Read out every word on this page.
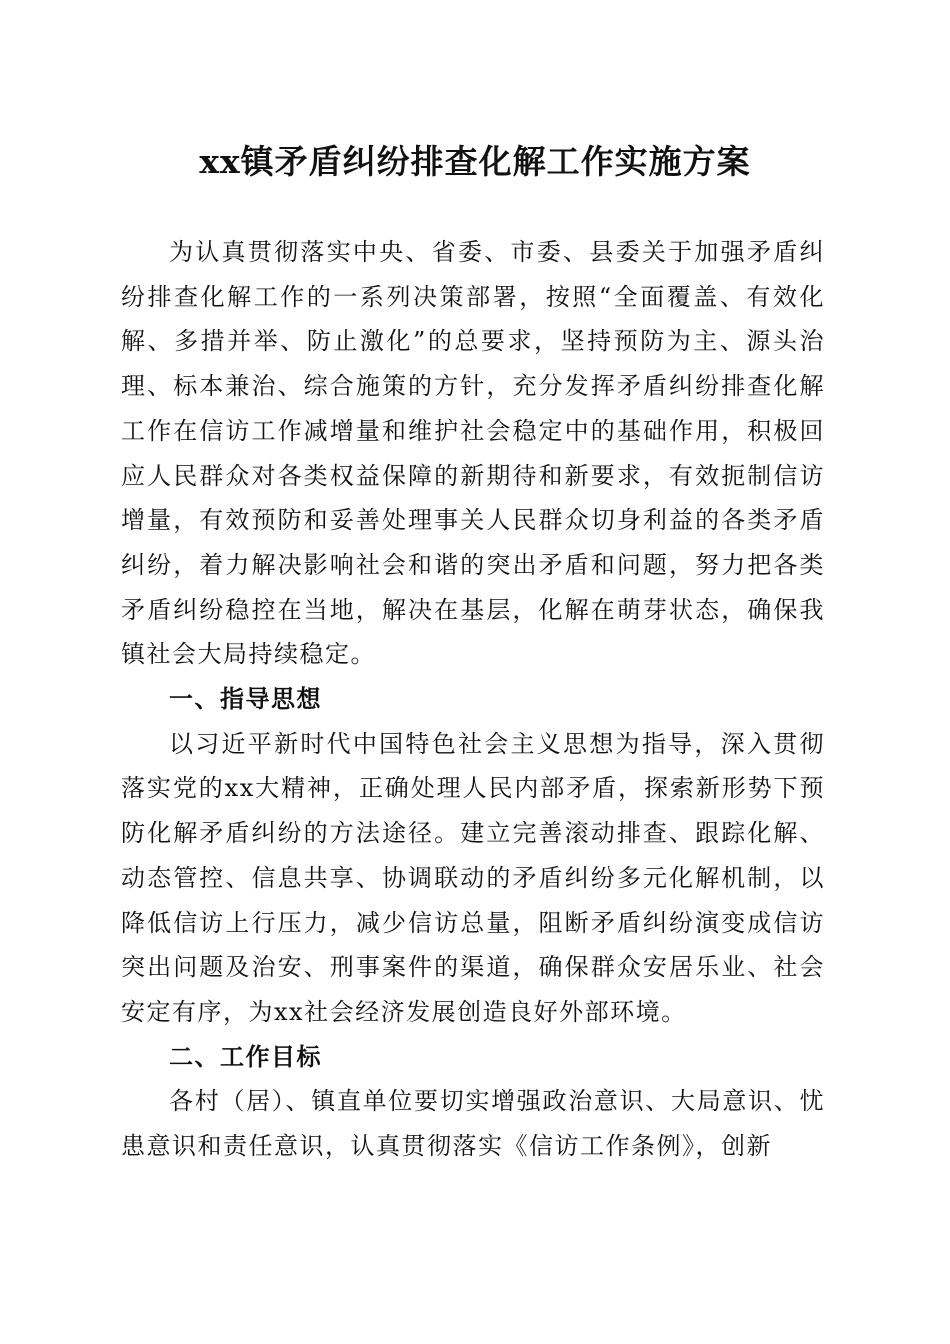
xx镇矛盾纠纷排查化解工作实施方案

为认真贯彻落实中央、省委、市委、县委关于加强矛盾纠纷排查化解工作的一系列决策部署，按照“全面覆盖、有效化解、多措并举、防止激化”的总要求，坚持预防为主、源头治理、标本兼治、综合施策的方针，充分发挥矛盾纠纷排查化解工作在信访工作减增量和维护社会稳定中的基础作用，积极回应人民群众对各类权益保障的新期待和新要求，有效扼制信访增量，有效预防和妥善处理事关人民群众切身利益的各类矛盾纠纷，着力解决影响社会和谐的突出矛盾和问题，努力把各类矛盾纠纷稳控在当地，解决在基层，化解在萌芽状态，确保我镇社会大局持续稳定。

一、指导思想

以习近平新时代中国特色社会主义思想为指导，深入贯彻落实党的xx大精神，正确处理人民内部矛盾，探索新形势下预防化解矛盾纠纷的方法途径。建立完善滚动排查、跟踪化解、动态管控、信息共享、协调联动的矛盾纠纷多元化解机制，以降低信访上行压力，减少信访总量，阻断矛盾纠纷演变成信访突出问题及治安、刑事案件的渠道，确保群众安居乐业、社会安定有序，为xx社会经济发展创造良好外部环境。

二、工作目标

各村（居）、镇直单位要切实增强政治意识、大局意识、忧患意识和责任意识，认真贯彻落实《信访工作条例》，创新
